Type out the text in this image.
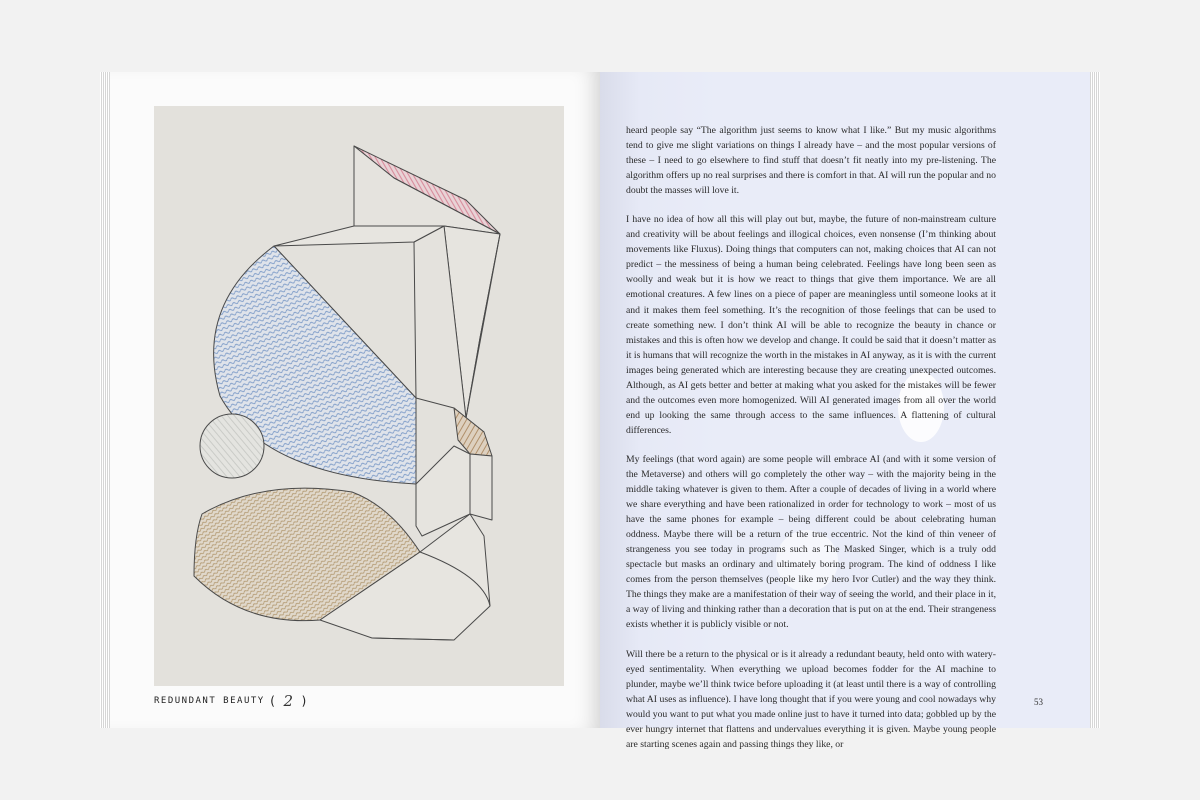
REDUNDANT BEAUTY ( 2 )

heard people say “The algorithm just seems to know what I like.” But my music algorithms tend to give me slight variations on things I already have – and the most popular versions of these – I need to go elsewhere to find stuff that doesn’t fit neatly into my pre-listening. The algorithm offers up no real surprises and there is comfort in that. AI will run the popular and no doubt the masses will love it.

I have no idea of how all this will play out but, maybe, the future of non-mainstream culture and creativity will be about feelings and illogical choices, even nonsense (I’m thinking about movements like Fluxus). Doing things that computers can not, making choices that AI can not predict – the messiness of being a human being celebrated. Feelings have long been seen as woolly and weak but it is how we react to things that give them importance. We are all emotional creatures. A few lines on a piece of paper are meaningless until someone looks at it and it makes them feel something. It’s the recognition of those feelings that can be used to create something new. I don’t think AI will be able to recognize the beauty in chance or mistakes and this is often how we develop and change. It could be said that it doesn’t matter as it is humans that will recognize the worth in the mistakes in AI anyway, as it is with the current images being generated which are interesting because they are creating unexpected outcomes. Although, as AI gets better and better at making what you asked for the mistakes will be fewer and the outcomes even more homogenized. Will AI generated images from all over the world end up looking the same through access to the same influences. A flattening of cultural differences.

My feelings (that word again) are some people will embrace AI (and with it some version of the Metaverse) and others will go completely the other way – with the majority being in the middle taking whatever is given to them. After a couple of decades of living in a world where we share everything and have been rationalized in order for technology to work – most of us have the same phones for example – being different could be about celebrating human oddness. Maybe there will be a return of the true eccentric. Not the kind of thin veneer of strangeness you see today in programs such as The Masked Singer, which is a truly odd spectacle but masks an ordinary and ultimately boring program. The kind of oddness I like comes from the person themselves (people like my hero Ivor Cutler) and the way they think. The things they make are a manifestation of their way of seeing the world, and their place in it, a way of living and thinking rather than a decoration that is put on at the end. Their strangeness exists whether it is publicly visible or not.

Will there be a return to the physical or is it already a redundant beauty, held onto with watery-eyed sentimentality. When everything we upload becomes fodder for the AI machine to plunder, maybe we’ll think twice before uploading it (at least until there is a way of controlling what AI uses as influence). I have long thought that if you were young and cool nowadays why would you want to put what you made online just to have it turned into data; gobbled up by the ever hungry internet that flattens and undervalues everything it is given. Maybe young people are starting scenes again and passing things they like, or

53
